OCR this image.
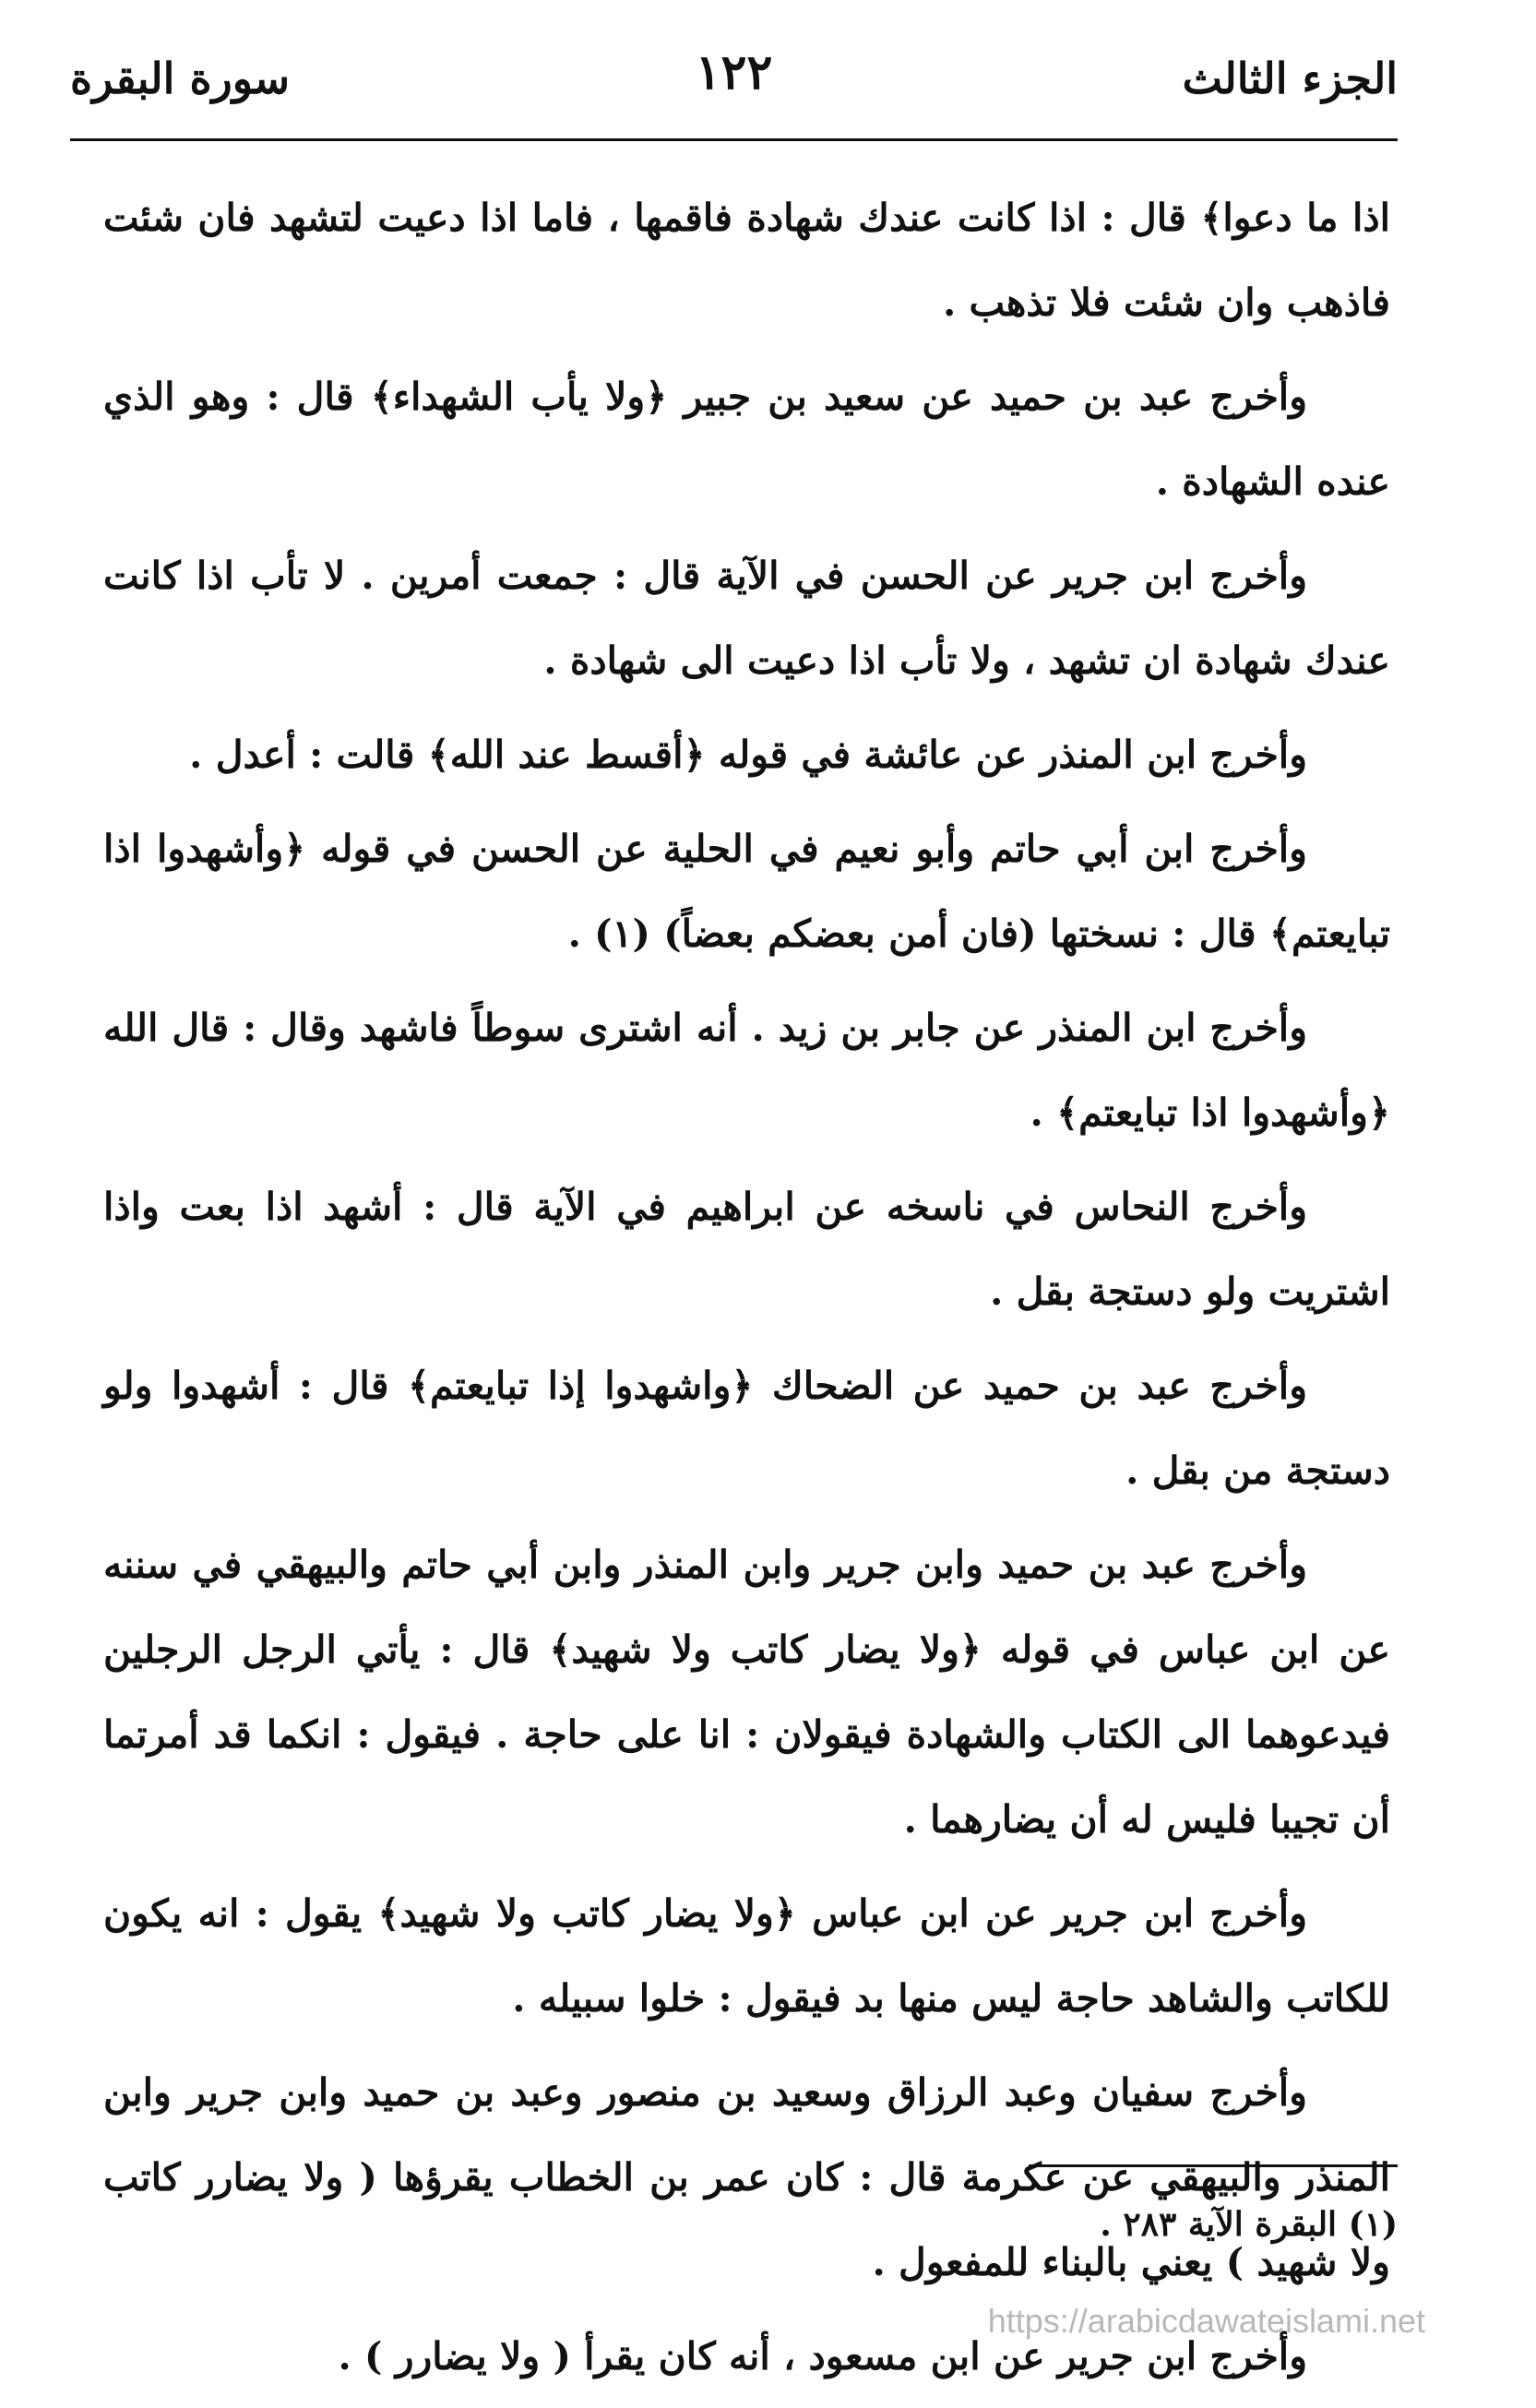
الجزء الثالث
١٢٢
سورة البقرة

اذا ما دعوا﴾ قال : اذا كانت عندك شهادة فاقمها ، فاما اذا دعيت لتشهد فان شئت فاذهب وان شئت فلا تذهب .

وأخرج عبد بن حميد عن سعيد بن جبير ﴿ولا يأب الشهداء﴾ قال : وهو الذي عنده الشهادة .

وأخرج ابن جرير عن الحسن في الآية قال : جمعت أمرين . لا تأب اذا كانت عندك شهادة ان تشهد ، ولا تأب اذا دعيت الى شهادة .

وأخرج ابن المنذر عن عائشة في قوله ﴿أقسط عند الله﴾ قالت : أعدل .

وأخرج ابن أبي حاتم وأبو نعيم في الحلية عن الحسن في قوله ﴿وأشهدوا اذا تبايعتم﴾ قال : نسختها (فان أمن بعضكم بعضاً) (١) .

وأخرج ابن المنذر عن جابر بن زيد . أنه اشترى سوطاً فاشهد وقال : قال الله ﴿وأشهدوا اذا تبايعتم﴾ .

وأخرج النحاس في ناسخه عن ابراهيم في الآية قال : أشهد اذا بعت واذا اشتريت ولو دستجة بقل .

وأخرج عبد بن حميد عن الضحاك ﴿واشهدوا إذا تبايعتم﴾ قال : أشهدوا ولو دستجة من بقل .

وأخرج عبد بن حميد وابن جرير وابن المنذر وابن أبي حاتم والبيهقي في سننه عن ابن عباس في قوله ﴿ولا يضار كاتب ولا شهيد﴾ قال : يأتي الرجل الرجلين فيدعوهما الى الكتاب والشهادة فيقولان : انا على حاجة . فيقول : انكما قد أمرتما أن تجيبا فليس له أن يضارهما .

وأخرج ابن جرير عن ابن عباس ﴿ولا يضار كاتب ولا شهيد﴾ يقول : انه يكون للكاتب والشاهد حاجة ليس منها بد فيقول : خلوا سبيله .

وأخرج سفيان وعبد الرزاق وسعيد بن منصور وعبد بن حميد وابن جرير وابن المنذر والبيهقي عن عكرمة قال : كان عمر بن الخطاب يقرؤها ( ولا يضارر كاتب ولا شهيد ) يعني بالبناء للمفعول .

وأخرج ابن جرير عن ابن مسعود ، أنه كان يقرأ ( ولا يضارر ) .

(١) البقرة الآية ٢٨٣ .
https://arabicdawateislami.net
